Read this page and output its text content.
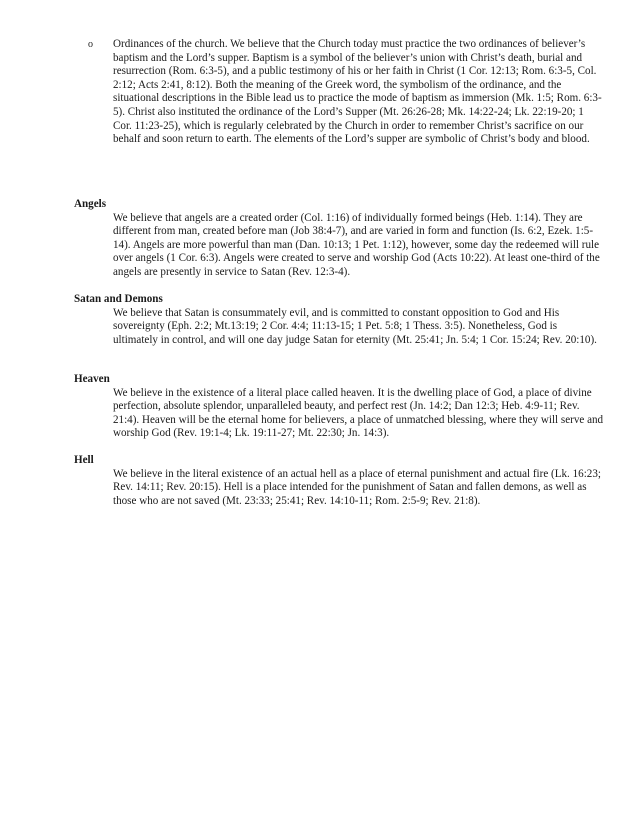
o Ordinances of the church. We believe that the Church today must practice the two ordinances of believer’s baptism and the Lord’s supper. Baptism is a symbol of the believer’s union with Christ’s death, burial and resurrection (Rom. 6:3-5), and a public testimony of his or her faith in Christ (1 Cor. 12:13; Rom. 6:3-5, Col. 2:12; Acts 2:41, 8:12). Both the meaning of the Greek word, the symbolism of the ordinance, and the situational descriptions in the Bible lead us to practice the mode of baptism as immersion (Mk. 1:5; Rom. 6:3-5). Christ also instituted the ordinance of the Lord’s Supper (Mt. 26:26-28; Mk. 14:22-24; Lk. 22:19-20; 1 Cor. 11:23-25), which is regularly celebrated by the Church in order to remember Christ’s sacrifice on our behalf and soon return to earth. The elements of the Lord’s supper are symbolic of Christ’s body and blood.

Angels

We believe that angels are a created order (Col. 1:16) of individually formed beings (Heb. 1:14). They are different from man, created before man (Job 38:4-7), and are varied in form and function (Is. 6:2, Ezek. 1:5-14). Angels are more powerful than man (Dan. 10:13; 1 Pet. 1:12), however, some day the redeemed will rule over angels (1 Cor. 6:3). Angels were created to serve and worship God (Acts 10:22). At least one-third of the angels are presently in service to Satan (Rev. 12:3-4).

Satan and Demons

We believe that Satan is consummately evil, and is committed to constant opposition to God and His sovereignty (Eph. 2:2; Mt.13:19; 2 Cor. 4:4; 11:13-15; 1 Pet. 5:8; 1 Thess. 3:5). Nonetheless, God is ultimately in control, and will one day judge Satan for eternity (Mt. 25:41; Jn. 5:4; 1 Cor. 15:24; Rev. 20:10).

Heaven

We believe in the existence of a literal place called heaven. It is the dwelling place of God, a place of divine perfection, absolute splendor, unparalleled beauty, and perfect rest (Jn. 14:2; Dan 12:3; Heb. 4:9-11; Rev. 21:4). Heaven will be the eternal home for believers, a place of unmatched blessing, where they will serve and worship God (Rev. 19:1-4; Lk. 19:11-27; Mt. 22:30; Jn. 14:3).

Hell

We believe in the literal existence of an actual hell as a place of eternal punishment and actual fire (Lk. 16:23; Rev. 14:11; Rev. 20:15). Hell is a place intended for the punishment of Satan and fallen demons, as well as those who are not saved (Mt. 23:33; 25:41; Rev. 14:10-11; Rom. 2:5-9; Rev. 21:8).
